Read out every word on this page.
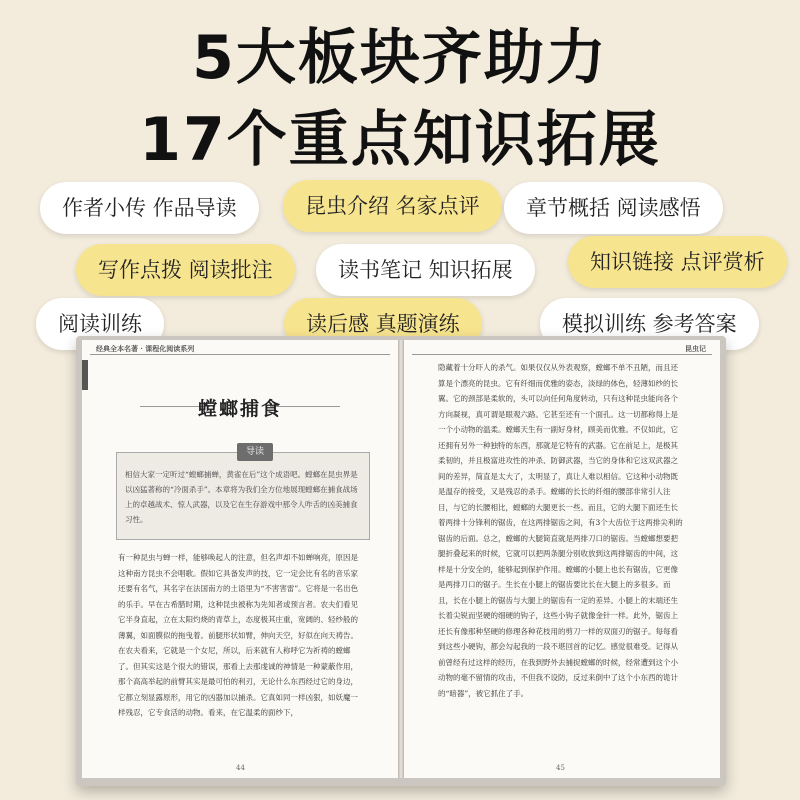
5大板块齐助力
17个重点知识拓展
作者小传 作品导读	昆虫介绍 名家点评	章节概括 阅读感悟
写作点拨 阅读批注	读书笔记 知识拓展	知识链接 点评赏析
阅读训练	读后感 真题演练	模拟训练 参考答案
经典全本名著 · 课程化阅读系列
螳螂捕食
导读
相信大家一定听过“螳螂捕蝉，黄雀在后”这个成语吧。螳螂在昆虫界是以凶猛著称的“冷面杀手”。本章将为我们全方位地展现螳螂在捕食战场上的卓越战术、惊人武器，以及它在生存游戏中那令人咋舌的凶美捕食习性。
有一种昆虫与蝉一样，能够唤起人的注意，但名声却不如蝉响亮，原因是这种南方昆虫不会唱歌。假如它具备发声的技，它一定会比有名的音乐家还要有名气，其名字在法国南方的土语里为“不害害雷”。它将是一名出色的乐手。早在古希腊时期，这种昆虫被称为先知者或预言者。农夫们看见它半身直起，立在太阳灼烧的青草上，态度极其庄重，宽阔的、轻纱般的薄翼，如面膜似的拖曳着。前腿形状如臂，伸向天空，好似在向天祷告。在农夫看来，它就是一个女尼，所以，后来就有人称呼它为祈祷的螳螂了。但其实这是个很大的错误，那看上去那虔诚的神情是一种蒙蔽作用，那个高高举起的前臂其实是最可怕的利刃，无论什么东西经过它的身边，它都立刻显露原形，用它的凶器加以捕杀。它真如同一样凶狠，如妖魔一样残忍，它专食活的动物。看来，在它温柔的面纱下，
44
昆虫记
隐藏着十分吓人的杀气。如果仅仅从外表观察，螳螂不单不丑陋，而且还算是个漂亮的昆虫。它有纤细而优雅的姿态，淡绿的体色，轻薄如纱的长翼。它的颈部是柔软的，头可以向任何角度转动，只有这种昆虫能向各个方向凝视，真可谓是眼观六路。它甚至还有一个面孔。这一切都称得上是一个小动物的温柔。螳螂天生有一副好身材，顾美而优雅。不仅如此，它还拥有另外一种独特的东西，那就是它特有的武器。它在前足上，是极其柔韧的，并且极富进攻性的冲杀、防御武器，当它的身体和它这双武器之间的差异，简直是太大了，太明显了，真让人难以相信。它这种小动物既是温存的接受，又是残忍的杀手。螳螂的长长的纤细的腰部非常引人注目，与它的长腰相比，螳螂的大腿更长一些。而且，它的大腿下面还生长着两排十分锋利的锯齿，在这两排锯齿之间，有3个大齿位于这两排尖利的锯齿的后面。总之，螳螂的大腿简直就是两排刀口的锯齿。当螳螂想要把腿折叠起来的时候，它就可以把两条腿分别收放到这两排锯齿的中间，这样是十分安全的，能够起到保护作用。螳螂的小腿上也长有锯齿，它更像是两排刀口的锯子。生长在小腿上的锯齿要比长在大腿上的多很多。而且，长在小腿上的锯齿与大腿上的锯齿有一定的差异。小腿上的末端还生长着尖锐而坚硬的细硬的钩子，这些小钩子就像金针一样。此外，锯齿上还长有像那种坚硬的修理各种花枝用的剪刀一样的双面刃的锯子。每每看到这些小硬钩，都会勾起我的一段不堪回首的记忆。感觉很难受。记得从前曾经有过这样的经历，在我到野外去捕捉螳螂的时候，经常遭到这个小动物的毫不留情的攻击，不但我不设防，反过来倒中了这个小东西的诡计的“暗器”，被它抓住了手。
45
